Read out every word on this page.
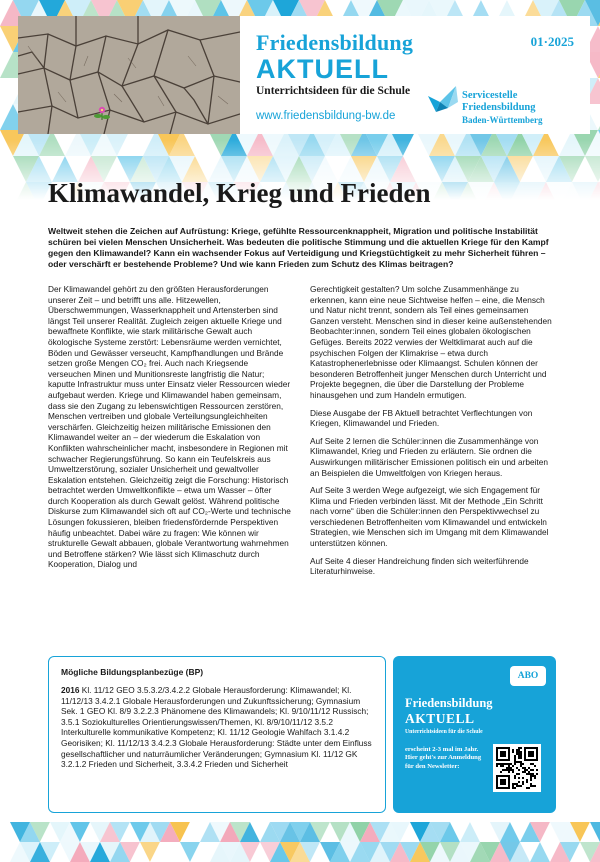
Friedensbildung
AKTUELL
Unterrichtsideen für die Schule
www.friedensbildung-bw.de
01·2025
Servicestelle
Friedensbildung
Baden-Württemberg
Klimawandel, Krieg und Frieden

Weltweit stehen die Zeichen auf Aufrüstung: Kriege, gefühlte Ressourcenknappheit, Migration und politische Instabilität schüren bei vielen Menschen Unsicherheit. Was bedeuten die politische Stimmung und die aktuellen Kriege für den Kampf gegen den Klimawandel? Kann ein wachsender Fokus auf Verteidigung und Kriegstüchtigkeit zu mehr Sicherheit führen – oder verschärft er bestehende Probleme? Und wie kann Frieden zum Schutz des Klimas beitragen?

Der Klimawandel gehört zu den größten Herausforderungen unserer Zeit – und betrifft uns alle. Hitzewellen, Überschwemmungen, Wasserknappheit und Artensterben sind längst Teil unserer Realität. Zugleich zeigen aktuelle Kriege und bewaffnete Konflikte, wie stark militärische Gewalt auch ökologische Systeme zerstört: Lebensräume werden vernichtet, Böden und Gewässer verseucht, Kampfhandlungen und Brände setzen große Mengen CO₂ frei. Auch nach Kriegsende verseuchen Minen und Munitionsreste langfristig die Natur; kaputte Infrastruktur muss unter Einsatz vieler Ressourcen wieder aufgebaut werden. Kriege und Klimawandel haben gemeinsam, dass sie den Zugang zu lebenswichtigen Ressourcen zerstören, Menschen vertreiben und globale Verteilungsungleichheiten verschärfen. Gleichzeitig heizen militärische Emissionen den Klimawandel weiter an – der wiederum die Eskalation von Konflikten wahrscheinlicher macht, insbesondere in Regionen mit schwacher Regierungsführung. So kann ein Teufelskreis aus Umweltzerstörung, sozialer Unsicherheit und gewaltvoller Eskalation entstehen. Gleichzeitig zeigt die Forschung: Historisch betrachtet werden Umweltkonflikte – etwa um Wasser – öfter durch Kooperation als durch Gewalt gelöst. Während politische Diskurse zum Klimawandel sich oft auf CO₂-Werte und technische Lösungen fokussieren, bleiben friedensfördernde Perspektiven häufig unbeachtet. Dabei wäre zu fragen: Wie können wir strukturelle Gewalt abbauen, globale Verantwortung wahrnehmen und Betroffene stärken? Wie lässt sich Klimaschutz durch Kooperation, Dialog und

Gerechtigkeit gestalten? Um solche Zusammenhänge zu erkennen, kann eine neue Sichtweise helfen – eine, die Mensch und Natur nicht trennt, sondern als Teil eines gemeinsamen Ganzen versteht. Menschen sind in dieser keine außenstehenden Beobachter:innen, sondern Teil eines globalen ökologischen Gefüges. Bereits 2022 verwies der Weltklimarat auch auf die psychischen Folgen der Klimakrise – etwa durch Katastrophenerlebnisse oder Klimaangst. Schulen können der besonderen Betroffenheit junger Menschen durch Unterricht und Projekte begegnen, die über die Darstellung der Probleme hinausgehen und zum Handeln ermutigen.

Diese Ausgabe der FB Aktuell betrachtet Verflechtungen von Kriegen, Klimawandel und Frieden.

Auf Seite 2 lernen die Schüler:innen die Zusammenhänge von Klimawandel, Krieg und Frieden zu erläutern. Sie ordnen die Auswirkungen militärischer Emissionen politisch ein und arbeiten an Beispielen die Umweltfolgen von Kriegen heraus.

Auf Seite 3 werden Wege aufgezeigt, wie sich Engagement für Klima und Frieden verbinden lässt. Mit der Methode „Ein Schritt nach vorne“ üben die Schüler:innen den Perspektivwechsel zu verschiedenen Betroffenheiten vom Klimawandel und entwickeln Strategien, wie Menschen sich im Umgang mit dem Klimawandel unterstützen können.

Auf Seite 4 dieser Handreichung finden sich weiterführende Literaturhinweise.

Mögliche Bildungsplanbezüge (BP)
2016 Kl. 11/12 GEO 3.5.3.2/3.4.2.2 Globale Herausforderung: Klimawandel; Kl. 11/12/13 3.4.2.1 Globale Herausforderungen und Zukunftssicherung; Gymnasium Sek. 1 GEO Kl. 8/9 3.2.2.3 Phänomene des Klimawandels; Kl. 9/10/11/12 Russisch; 3.5.1 Soziokulturelles Orientierungswissen/Themen, Kl. 8/9/10/11/12 3.5.2 Interkulturelle kommunikative Kompetenz; Kl. 11/12 Geologie Wahlfach 3.1.4.2 Georisiken; Kl. 11/12/13 3.4.2.3 Globale Herausforderung: Städte unter dem Einfluss gesellschaftlicher und naturräumlicher Veränderungen; Gymnasium Kl. 11/12 GK 3.2.1.2 Frieden und Sicherheit, 3.3.4.2 Frieden und Sicherheit
ABO
Friedensbildung
AKTUELL
Unterrichtsideen für die Schule
erscheint 2-3 mal im Jahr. Hier geht's zur Anmeldung für den Newsletter:
